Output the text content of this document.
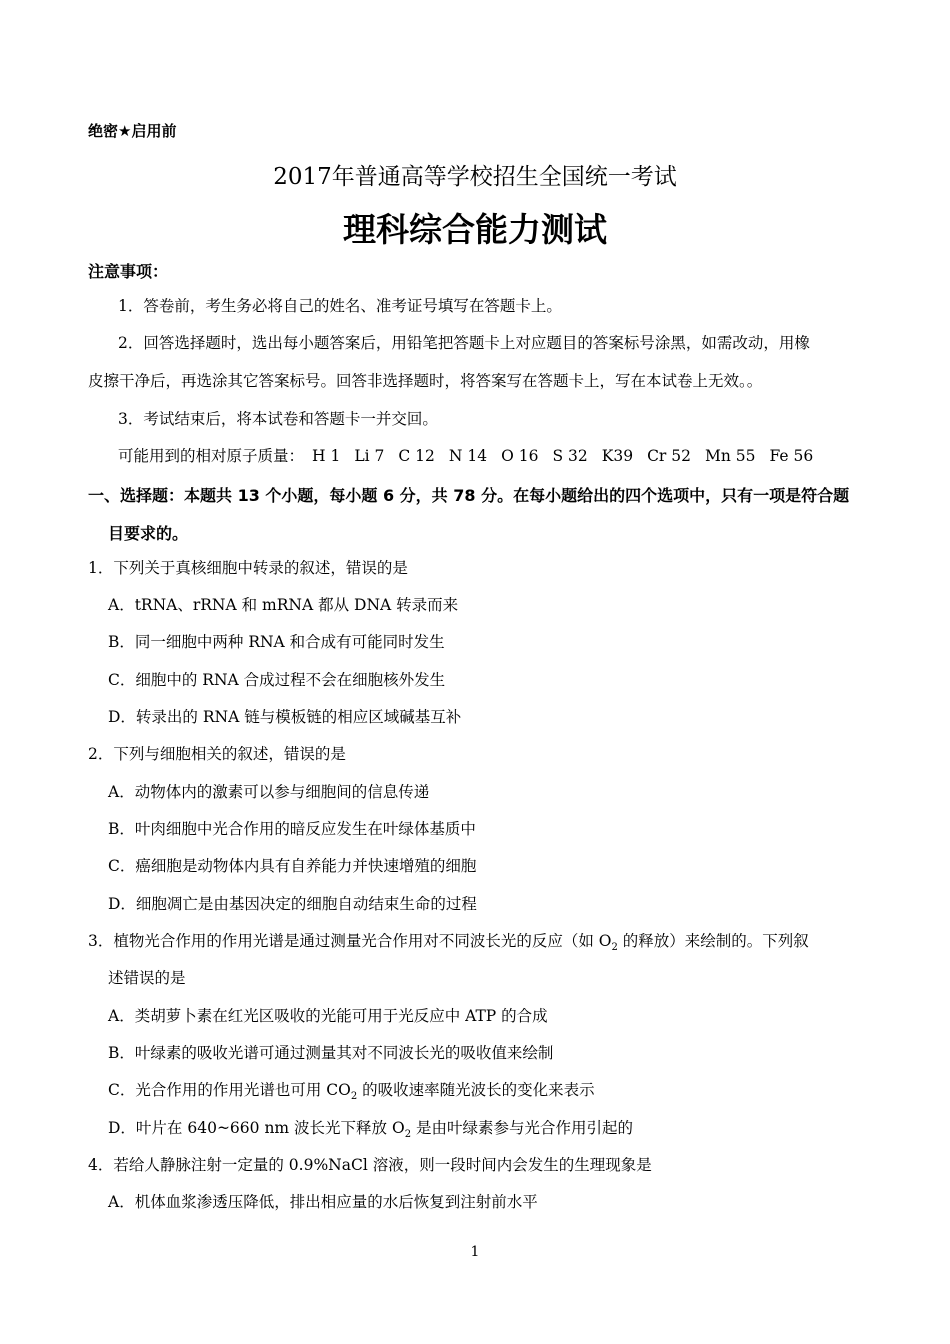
绝密★启用前
2017年普通高等学校招生全国统一考试
理科综合能力测试
注意事项：
1．答卷前，考生务必将自己的姓名、准考证号填写在答题卡上。
2．回答选择题时，选出每小题答案后，用铅笔把答题卡上对应题目的答案标号涂黑，如需改动，用橡
皮擦干净后，再选涂其它答案标号。回答非选择题时，将答案写在答题卡上，写在本试卷上无效。。
3．考试结束后，将本试卷和答题卡一并交回。
可能用到的相对原子质量： H 1 Li 7 C 12 N 14 O 16 S 32 K39 Cr 52 Mn 55 Fe 56
一、选择题：本题共 13 个小题，每小题 6 分，共 78 分。在每小题给出的四个选项中，只有一项是符合题
目要求的。
1．下列关于真核细胞中转录的叙述，错误的是
A．tRNA、rRNA 和 mRNA 都从 DNA 转录而来
B．同一细胞中两种 RNA 和合成有可能同时发生
C．细胞中的 RNA 合成过程不会在细胞核外发生
D．转录出的 RNA 链与模板链的相应区域碱基互补
2．下列与细胞相关的叙述，错误的是
A．动物体内的激素可以参与细胞间的信息传递
B．叶肉细胞中光合作用的暗反应发生在叶绿体基质中
C．癌细胞是动物体内具有自养能力并快速增殖的细胞
D．细胞凋亡是由基因决定的细胞自动结束生命的过程
3．植物光合作用的作用光谱是通过测量光合作用对不同波长光的反应（如 $O_2$ 的释放）来绘制的。下列叙
述错误的是
A．类胡萝卜素在红光区吸收的光能可用于光反应中 ATP 的合成
B．叶绿素的吸收光谱可通过测量其对不同波长光的吸收值来绘制
C．光合作用的作用光谱也可用 $CO_2$ 的吸收速率随光波长的变化来表示
D．叶片在 640~660 nm 波长光下释放 $O_2$ 是由叶绿素参与光合作用引起的
4．若给人静脉注射一定量的 0.9%NaCl 溶液，则一段时间内会发生的生理现象是
A．机体血浆渗透压降低，排出相应量的水后恢复到注射前水平
1
